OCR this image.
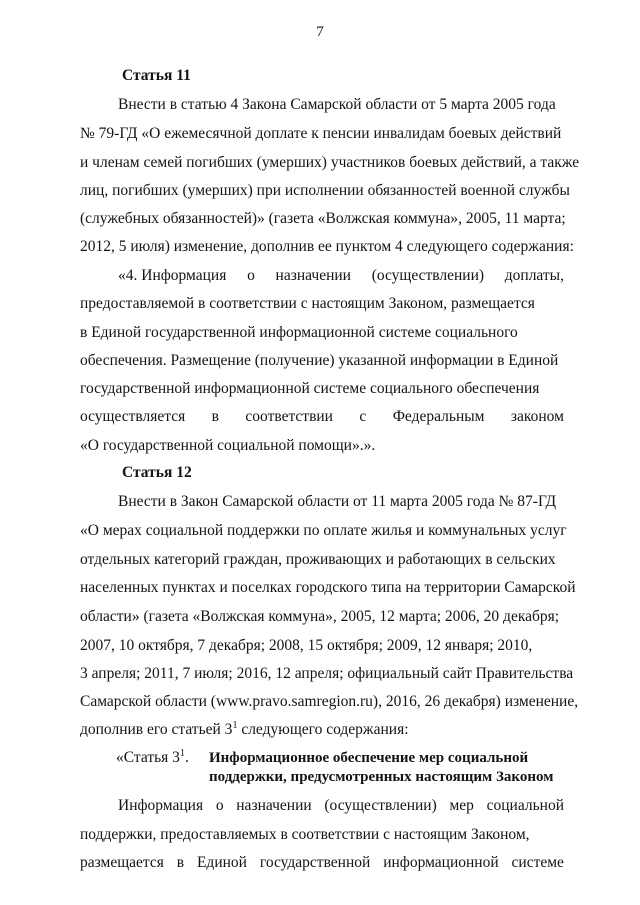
7
Статья 11
Внести в статью 4 Закона Самарской области от 5 марта 2005 года
№ 79-ГД «О ежемесячной доплате к пенсии инвалидам боевых действий
и членам семей погибших (умерших) участников боевых действий, а также
лиц, погибших (умерших) при исполнении обязанностей военной службы
(служебных обязанностей)» (газета «Волжская коммуна», 2005, 11 марта;
2012, 5 июля) изменение, дополнив ее пунктом 4 следующего содержания:
«4. Информация о назначении (осуществлении) доплаты,
предоставляемой в соответствии с настоящим Законом, размещается
в Единой государственной информационной системе социального
обеспечения. Размещение (получение) указанной информации в Единой
государственной информационной системе социального обеспечения
осуществляется в соответствии с Федеральным законом
«О государственной социальной помощи».».
Статья 12
Внести в Закон Самарской области от 11 марта 2005 года № 87-ГД
«О мерах социальной поддержки по оплате жилья и коммунальных услуг
отдельных категорий граждан, проживающих и работающих в сельских
населенных пунктах и поселках городского типа на территории Самарской
области» (газета «Волжская коммуна», 2005, 12 марта; 2006, 20 декабря;
2007, 10 октября, 7 декабря; 2008, 15 октября; 2009, 12 января; 2010,
3 апреля; 2011, 7 июля; 2016, 12 апреля; официальный сайт Правительства
Самарской области (www.pravo.samregion.ru), 2016, 26 декабря) изменение,
дополнив его статьей $3^1$ следующего содержания:
«Статья $3^1$. Информационное обеспечение мер социальной
поддержки, предусмотренных настоящим Законом
Информация о назначении (осуществлении) мер социальной
поддержки, предоставляемых в соответствии с настоящим Законом,
размещается в Единой государственной информационной системе
